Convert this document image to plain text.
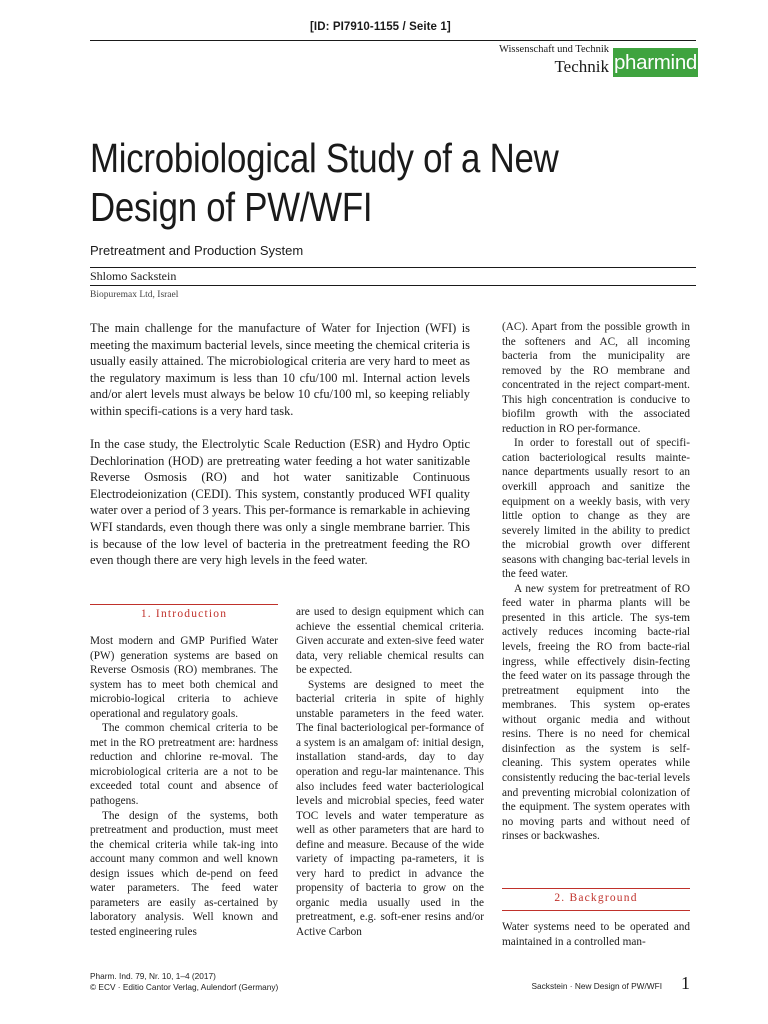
[ID: PI7910-1155 / Seite 1]
Wissenschaft und Technik
Technik pharmind
Microbiological Study of a New
Design of PW/WFI
Pretreatment and Production System
Shlomo Sackstein
Biopuremax Ltd, Israel
The main challenge for the manufacture of Water for Injection (WFI) is meeting the maximum bacterial levels, since meeting the chemical criteria is usually easily attained. The microbiological criteria are very hard to meet as the regulatory maximum is less than 10 cfu/100 ml. Internal action levels and/or alert levels must always be below 10 cfu/100 ml, so keeping reliably within specifi-cations is a very hard task.
In the case study, the Electrolytic Scale Reduction (ESR) and Hydro Optic Dechlorination (HOD) are pretreating water feeding a hot water sanitizable Reverse Osmosis (RO) and hot water sanitizable Continuous Electrodeionization (CEDI). This system, constantly produced WFI quality water over a period of 3 years. This per-formance is remarkable in achieving WFI standards, even though there was only a single membrane barrier. This is because of the low level of bacteria in the pretreatment feeding the RO even though there are very high levels in the feed water.
1. Introduction

Most modern and GMP Purified Water (PW) generation systems are based on Reverse Osmosis (RO) membranes. The system has to meet both chemical and microbio-logical criteria to achieve operational and regulatory goals.

The common chemical criteria to be met in the RO pretreatment are: hardness reduction and chlorine re-moval. The microbiological criteria are a not to be exceeded total count and absence of pathogens.

The design of the systems, both pretreatment and production, must meet the chemical criteria while tak-ing into account many common and well known design issues which de-pend on feed water parameters. The feed water parameters are easily as-certained by laboratory analysis. Well known and tested engineering rules

are used to design equipment which can achieve the essential chemical criteria. Given accurate and exten-sive feed water data, very reliable chemical results can be expected.

Systems are designed to meet the bacterial criteria in spite of highly unstable parameters in the feed water. The final bacteriological per-formance of a system is an amalgam of: initial design, installation stand-ards, day to day operation and regu-lar maintenance. This also includes feed water bacteriological levels and microbial species, feed water TOC levels and water temperature as well as other parameters that are hard to define and measure. Because of the wide variety of impacting pa-rameters, it is very hard to predict in advance the propensity of bacteria to grow on the organic media usually used in the pretreatment, e.g. soft-ener resins and/or Active Carbon

(AC). Apart from the possible growth in the softeners and AC, all incoming bacteria from the municipality are removed by the RO membrane and concentrated in the reject compart-ment. This high concentration is conducive to biofilm growth with the associated reduction in RO per-formance.

In order to forestall out of specifi-cation bacteriological results mainte-nance departments usually resort to an overkill approach and sanitize the equipment on a weekly basis, with very little option to change as they are severely limited in the ability to predict the microbial growth over different seasons with changing bac-terial levels in the feed water.

A new system for pretreatment of RO feed water in pharma plants will be presented in this article. The sys-tem actively reduces incoming bacte-rial levels, freeing the RO from bacte-rial ingress, while effectively disin-fecting the feed water on its passage through the pretreatment equipment into the membranes. This system op-erates without organic media and without resins. There is no need for chemical disinfection as the system is self-cleaning. This system operates while consistently reducing the bac-terial levels and preventing microbial colonization of the equipment. The system operates with no moving parts and without need of rinses or backwashes.

2. Background

Water systems need to be operated and maintained in a controlled man-

Pharm. Ind. 79, Nr. 10, 1–4 (2017)
© ECV · Editio Cantor Verlag, Aulendorf (Germany)	Sackstein · New Design of PW/WFI 1
